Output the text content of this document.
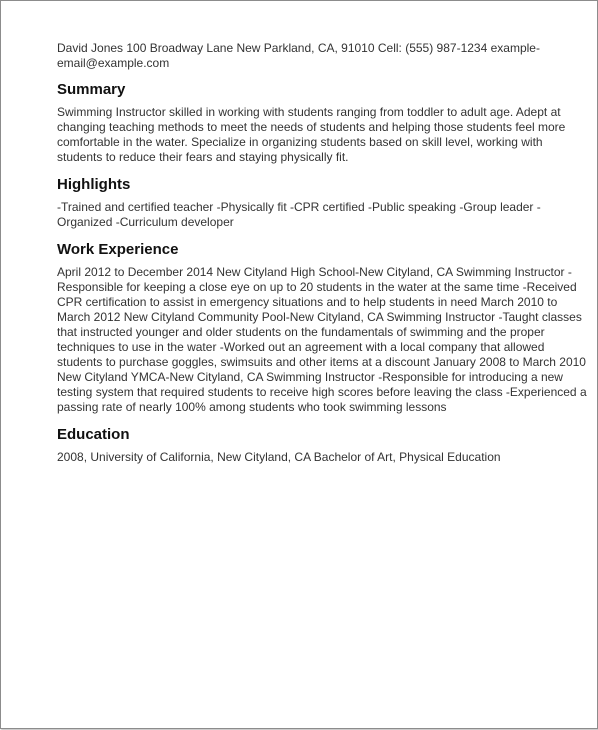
David Jones 100 Broadway Lane New Parkland, CA, 91010 Cell: (555) 987-1234 example-email@example.com
Summary
Swimming Instructor skilled in working with students ranging from toddler to adult age. Adept at changing teaching methods to meet the needs of students and helping those students feel more comfortable in the water. Specialize in organizing students based on skill level, working with students to reduce their fears and staying physically fit.
Highlights
-Trained and certified teacher -Physically fit -CPR certified -Public speaking -Group leader -Organized -Curriculum developer
Work Experience
April 2012 to December 2014 New Cityland High School-New Cityland, CA Swimming Instructor -Responsible for keeping a close eye on up to 20 students in the water at the same time -Received CPR certification to assist in emergency situations and to help students in need March 2010 to March 2012 New Cityland Community Pool-New Cityland, CA Swimming Instructor -Taught classes that instructed younger and older students on the fundamentals of swimming and the proper techniques to use in the water -Worked out an agreement with a local company that allowed students to purchase goggles, swimsuits and other items at a discount January 2008 to March 2010 New Cityland YMCA-New Cityland, CA Swimming Instructor -Responsible for introducing a new testing system that required students to receive high scores before leaving the class -Experienced a passing rate of nearly 100% among students who took swimming lessons
Education
2008, University of California, New Cityland, CA Bachelor of Art, Physical Education
